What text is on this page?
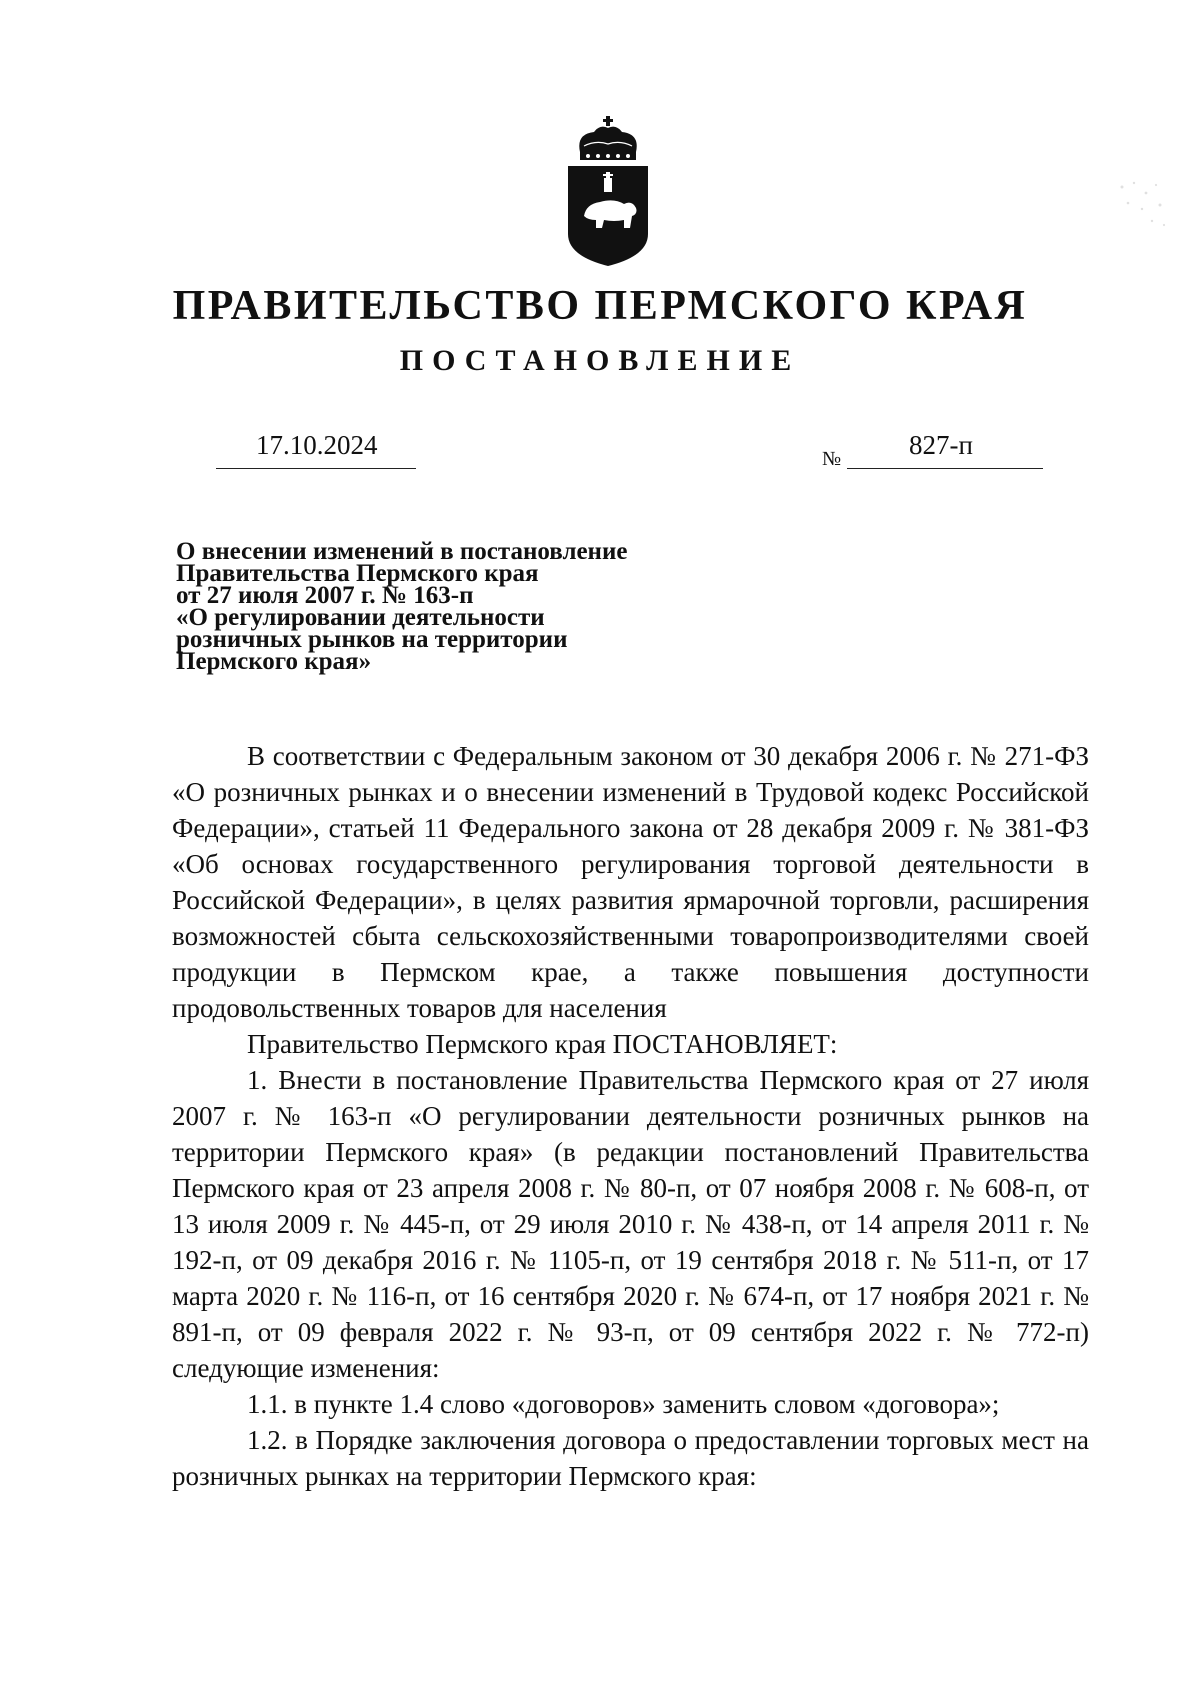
ПРАВИТЕЛЬСТВО ПЕРМСКОГО КРАЯ
ПОСТАНОВЛЕНИЕ
17.10.2024	№	827-п
О внесении изменений в постановление
Правительства Пермского края
от 27 июля 2007 г. № 163-п
«О регулировании деятельности
розничных рынков на территории
Пермского края»

В соответствии с Федеральным законом от 30 декабря 2006 г. № 271-ФЗ «О розничных рынках и о внесении изменений в Трудовой кодекс Российской Федерации», статьей 11 Федерального закона от 28 декабря 2009 г. № 381-ФЗ «Об основах государственного регулирования торговой деятельности в Российской Федерации», в целях развития ярмарочной торговли, расширения возможностей сбыта сельскохозяйственными товаропроизводителями своей продукции в Пермском крае, а также повышения доступности продовольственных товаров для населения

Правительство Пермского края ПОСТАНОВЛЯЕТ:

1. Внести в постановление Правительства Пермского края от 27 июля 2007 г. № 163-п «О регулировании деятельности розничных рынков на территории Пермского края» (в редакции постановлений Правительства Пермского края от 23 апреля 2008 г. № 80-п, от 07 ноября 2008 г. № 608-п, от 13 июля 2009 г. № 445-п, от 29 июля 2010 г. № 438-п, от 14 апреля 2011 г. № 192-п, от 09 декабря 2016 г. № 1105-п, от 19 сентября 2018 г. № 511-п, от 17 марта 2020 г. № 116-п, от 16 сентября 2020 г. № 674-п, от 17 ноября 2021 г. № 891-п, от 09 февраля 2022 г. № 93-п, от 09 сентября 2022 г. № 772-п) следующие изменения:

1.1. в пункте 1.4 слово «договоров» заменить словом «договора»;

1.2. в Порядке заключения договора о предоставлении торговых мест на розничных рынках на территории Пермского края:
